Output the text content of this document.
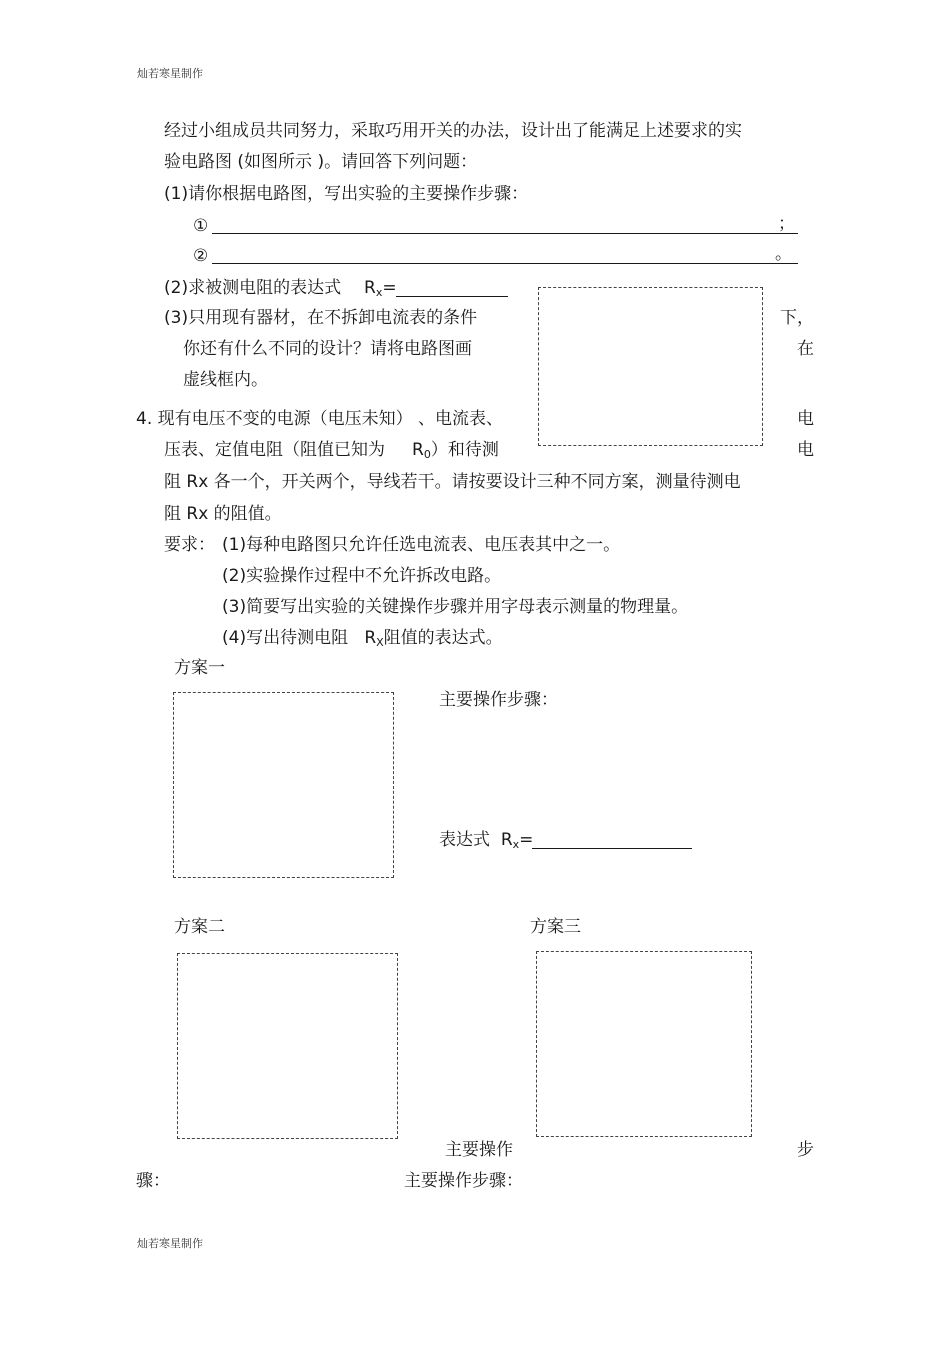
灿若寒星制作
灿若寒星制作
经过小组成员共同努力，采取巧用开关的办法，设计出了能满足上述要求的实
验电路图 (如图所示 )。请回答下列问题：
(1)请你根据电路图，写出实验的主要操作步骤：
①	；
②	。
(2)求被测电阻的表达式 $R_x=$
(3)只用现有器材，在不拆卸电流表的条件	下，
你还有什么不同的设计？请将电路图画	在
虚线框内。
4. 现有电压不变的电源（电压未知） 、电流表、	电
压表、定值电阻（阻值已知为 $R_0$）和待测	电
阻 Rx 各一个，开关两个，导线若干。请按要设计三种不同方案，测量待测电
阻 Rx 的阻值。
要求： (1)每种电路图只允许任选电流表、电压表其中之一。
(2)实验操作过程中不允许拆改电路。
(3)简要写出实验的关键操作步骤并用字母表示测量的物理量。
(4)写出待测电阻 $R_X$阻值的表达式。
方案一
主要操作步骤：
表达式 $R_x=$
方案二	方案三
主要操作	步
骤：	主要操作步骤：
